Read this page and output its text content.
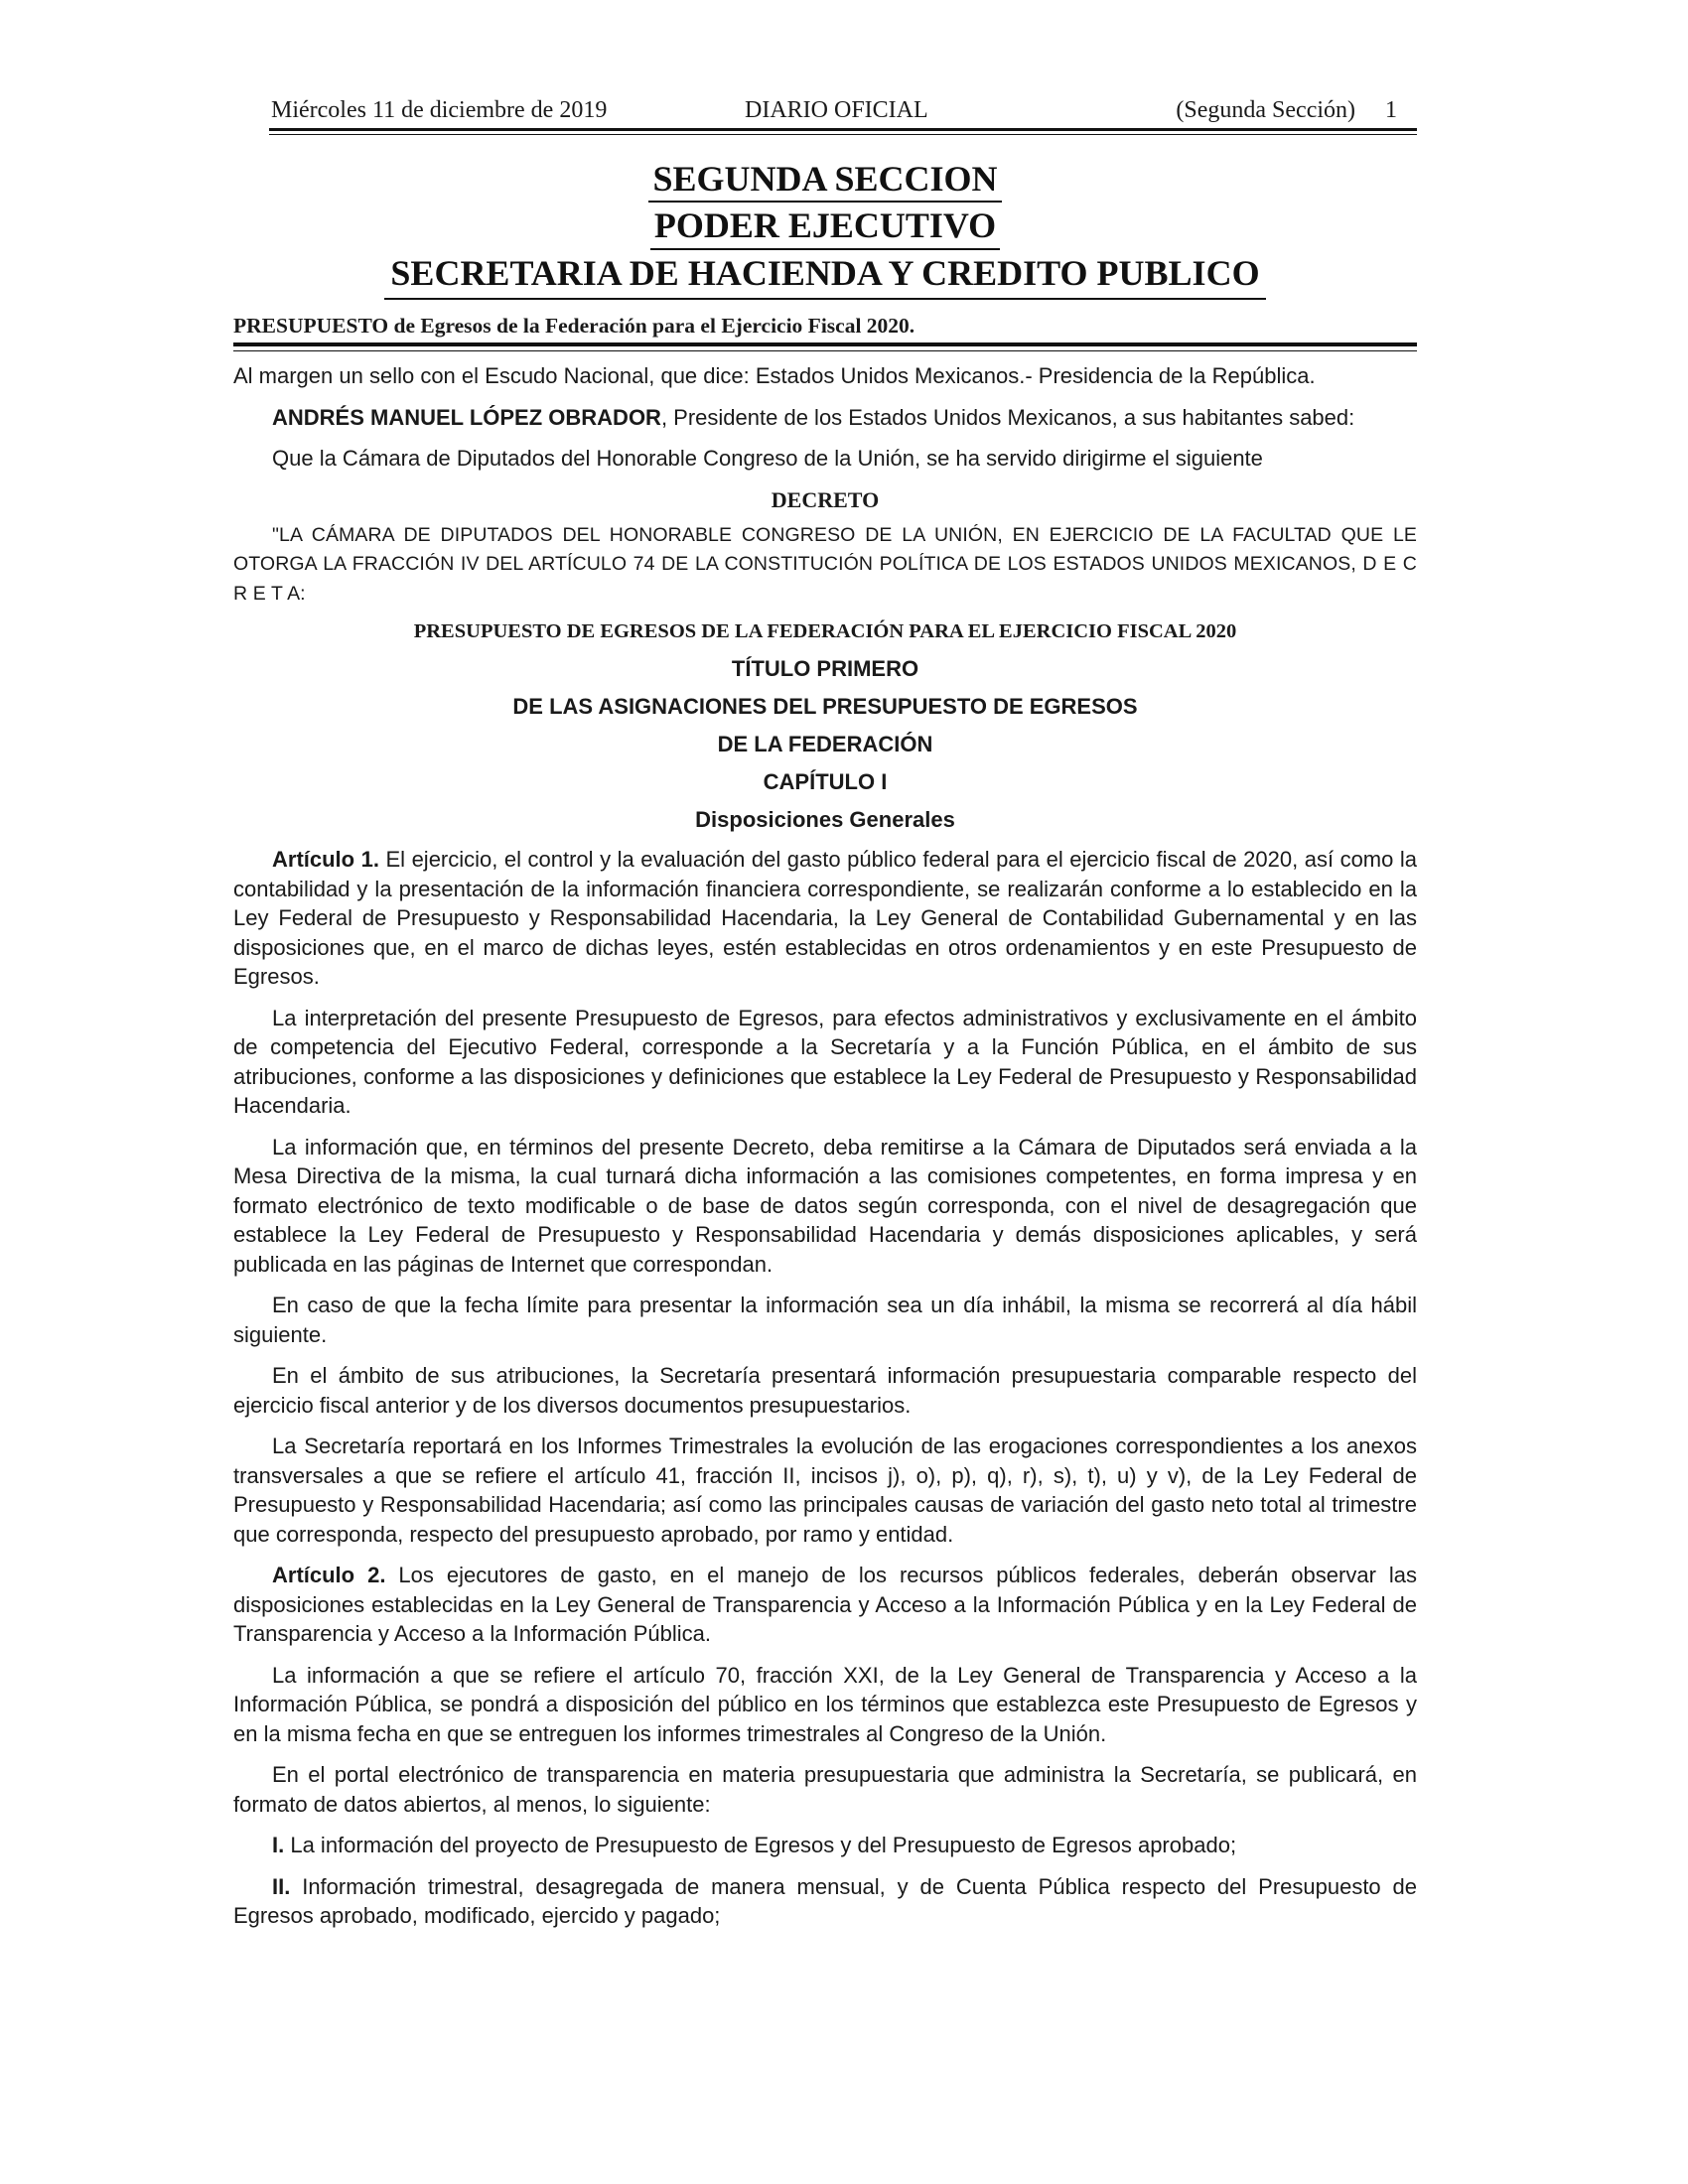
Miércoles 11 de diciembre de 2019	DIARIO OFICIAL	(Segunda Sección)     1
SEGUNDA SECCION
PODER EJECUTIVO
SECRETARIA DE HACIENDA Y CREDITO PUBLICO
PRESUPUESTO de Egresos de la Federación para el Ejercicio Fiscal 2020.

Al margen un sello con el Escudo Nacional, que dice: Estados Unidos Mexicanos.- Presidencia de la República.

ANDRÉS MANUEL LÓPEZ OBRADOR, Presidente de los Estados Unidos Mexicanos, a sus habitantes sabed:

Que la Cámara de Diputados del Honorable Congreso de la Unión, se ha servido dirigirme el siguiente

DECRETO

"LA CÁMARA DE DIPUTADOS DEL HONORABLE CONGRESO DE LA UNIÓN, EN EJERCICIO DE LA FACULTAD QUE LE OTORGA LA FRACCIÓN IV DEL ARTÍCULO 74 DE LA CONSTITUCIÓN POLÍTICA DE LOS ESTADOS UNIDOS MEXICANOS, D E C R E T A:

PRESUPUESTO DE EGRESOS DE LA FEDERACIÓN PARA EL EJERCICIO FISCAL 2020
TÍTULO PRIMERO
DE LAS ASIGNACIONES DEL PRESUPUESTO DE EGRESOS
DE LA FEDERACIÓN
CAPÍTULO I
Disposiciones Generales

Artículo 1. El ejercicio, el control y la evaluación del gasto público federal para el ejercicio fiscal de 2020, así como la contabilidad y la presentación de la información financiera correspondiente, se realizarán conforme a lo establecido en la Ley Federal de Presupuesto y Responsabilidad Hacendaria, la Ley General de Contabilidad Gubernamental y en las disposiciones que, en el marco de dichas leyes, estén establecidas en otros ordenamientos y en este Presupuesto de Egresos.

La interpretación del presente Presupuesto de Egresos, para efectos administrativos y exclusivamente en el ámbito de competencia del Ejecutivo Federal, corresponde a la Secretaría y a la Función Pública, en el ámbito de sus atribuciones, conforme a las disposiciones y definiciones que establece la Ley Federal de Presupuesto y Responsabilidad Hacendaria.

La información que, en términos del presente Decreto, deba remitirse a la Cámara de Diputados será enviada a la Mesa Directiva de la misma, la cual turnará dicha información a las comisiones competentes, en forma impresa y en formato electrónico de texto modificable o de base de datos según corresponda, con el nivel de desagregación que establece la Ley Federal de Presupuesto y Responsabilidad Hacendaria y demás disposiciones aplicables, y será publicada en las páginas de Internet que correspondan.

En caso de que la fecha límite para presentar la información sea un día inhábil, la misma se recorrerá al día hábil siguiente.

En el ámbito de sus atribuciones, la Secretaría presentará información presupuestaria comparable respecto del ejercicio fiscal anterior y de los diversos documentos presupuestarios.

La Secretaría reportará en los Informes Trimestrales la evolución de las erogaciones correspondientes a los anexos transversales a que se refiere el artículo 41, fracción II, incisos j), o), p), q), r), s), t), u) y v), de la Ley Federal de Presupuesto y Responsabilidad Hacendaria; así como las principales causas de variación del gasto neto total al trimestre que corresponda, respecto del presupuesto aprobado, por ramo y entidad.

Artículo 2. Los ejecutores de gasto, en el manejo de los recursos públicos federales, deberán observar las disposiciones establecidas en la Ley General de Transparencia y Acceso a la Información Pública y en la Ley Federal de Transparencia y Acceso a la Información Pública.

La información a que se refiere el artículo 70, fracción XXI, de la Ley General de Transparencia y Acceso a la Información Pública, se pondrá a disposición del público en los términos que establezca este Presupuesto de Egresos y en la misma fecha en que se entreguen los informes trimestrales al Congreso de la Unión.

En el portal electrónico de transparencia en materia presupuestaria que administra la Secretaría, se publicará, en formato de datos abiertos, al menos, lo siguiente:

I. La información del proyecto de Presupuesto de Egresos y del Presupuesto de Egresos aprobado;

II. Información trimestral, desagregada de manera mensual, y de Cuenta Pública respecto del Presupuesto de Egresos aprobado, modificado, ejercido y pagado;
